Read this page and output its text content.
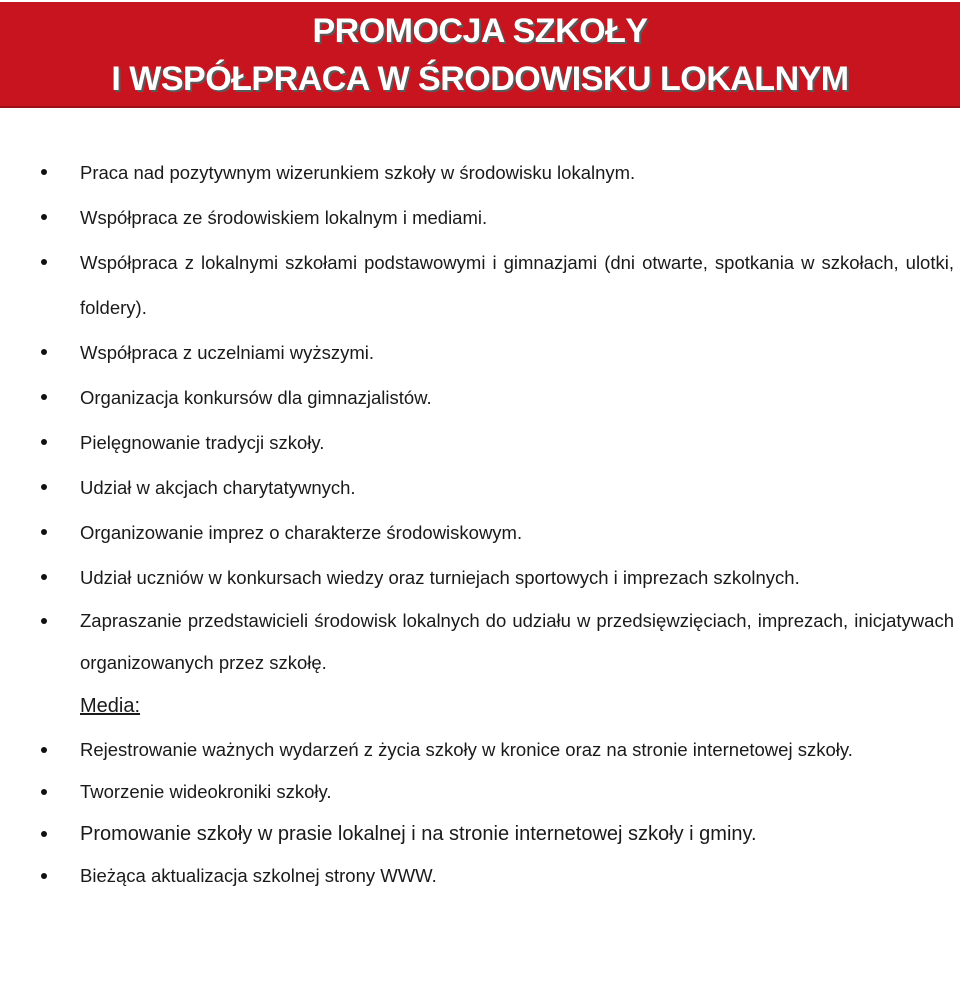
PROMOCJA SZKOŁY
I WSPÓŁPRACA W ŚRODOWISKU LOKALNYM
Praca nad pozytywnym wizerunkiem szkoły w środowisku lokalnym.
Współpraca ze środowiskiem lokalnym i mediami.
Współpraca z lokalnymi szkołami podstawowymi i gimnazjami (dni otwarte, spotkania w szkołach, ulotki, foldery).
Współpraca z uczelniami wyższymi.
Organizacja konkursów dla gimnazjalistów.
Pielęgnowanie tradycji szkoły.
Udział w akcjach charytatywnych.
Organizowanie imprez o charakterze środowiskowym.
Udział uczniów w konkursach wiedzy oraz turniejach sportowych i imprezach szkolnych.
Zapraszanie przedstawicieli środowisk lokalnych do udziału w przedsięwzięciach, imprezach, inicjatywach organizowanych przez szkołę.
Media:
Rejestrowanie ważnych wydarzeń z życia szkoły w kronice oraz na stronie internetowej szkoły.
Tworzenie wideokroniki szkoły.
Promowanie szkoły w prasie lokalnej i na stronie internetowej szkoły i gminy.
Bieżąca aktualizacja szkolnej strony WWW.
